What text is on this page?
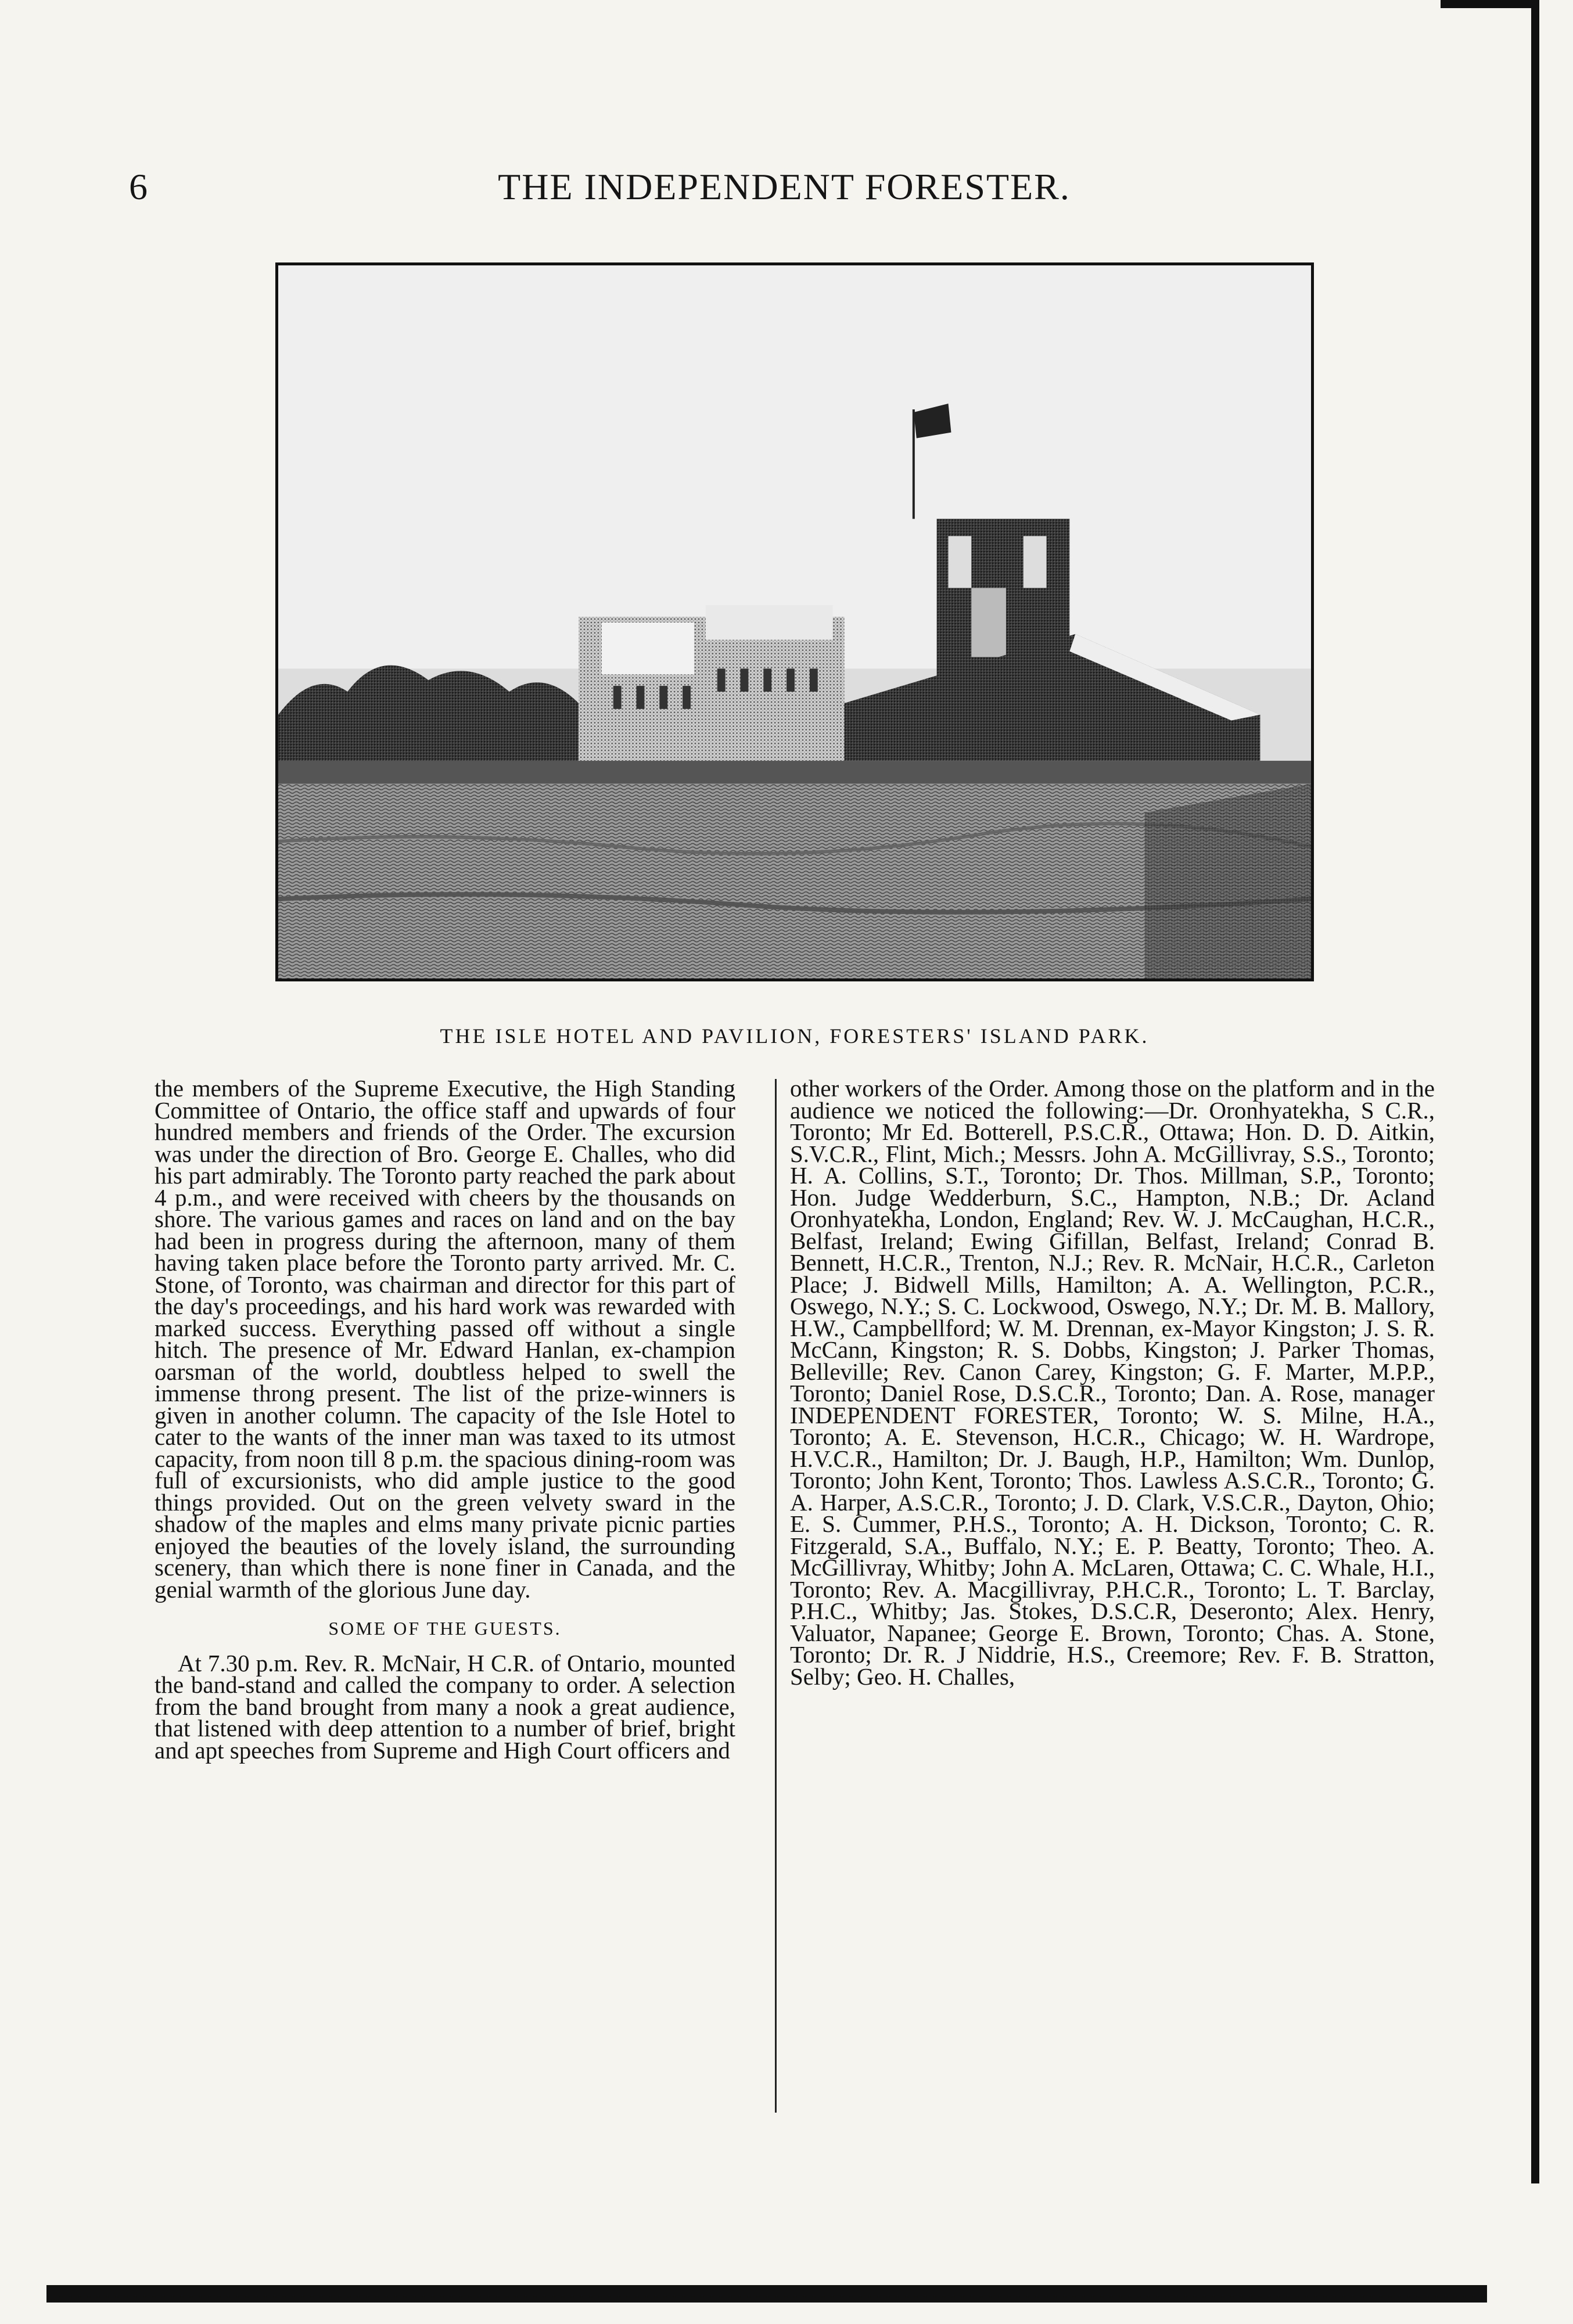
6	THE INDEPENDENT FORESTER.
THE ISLE HOTEL AND PAVILION, FORESTERS' ISLAND PARK.

the members of the Supreme Executive, the High Standing Committee of Ontario, the office staff and upwards of four hundred members and friends of the Order. The excursion was under the direction of Bro. George E. Challes, who did his part admirably. The Toronto party reached the park about 4 p.m., and were received with cheers by the thousands on shore. The various games and races on land and on the bay had been in progress during the afternoon, many of them having taken place before the Toronto party arrived. Mr. C. Stone, of Toronto, was chairman and director for this part of the day's proceedings, and his hard work was rewarded with marked success. Everything passed off without a single hitch. The presence of Mr. Edward Hanlan, ex-champion oarsman of the world, doubtless helped to swell the immense throng present. The list of the prize-winners is given in another column. The capacity of the Isle Hotel to cater to the wants of the inner man was taxed to its utmost capacity, from noon till 8 p.m. the spacious dining-room was full of excursionists, who did ample justice to the good things provided. Out on the green velvety sward in the shadow of the maples and elms many private picnic parties enjoyed the beauties of the lovely island, the surrounding scenery, than which there is none finer in Canada, and the genial warmth of the glorious June day.

SOME OF THE GUESTS.

At 7.30 p.m. Rev. R. McNair, H C.R. of Ontario, mounted the band-stand and called the company to order. A selection from the band brought from many a nook a great audience, that listened with deep attention to a number of brief, bright and apt speeches from Supreme and High Court officers and

other workers of the Order. Among those on the platform and in the audience we noticed the following:—Dr. Oronhyatekha, S C.R., Toronto; Mr Ed. Botterell, P.S.C.R., Ottawa; Hon. D. D. Aitkin, S.V.C.R., Flint, Mich.; Messrs. John A. McGillivray, S.S., Toronto; H. A. Collins, S.T., Toronto; Dr. Thos. Millman, S.P., Toronto; Hon. Judge Wedderburn, S.C., Hampton, N.B.; Dr. Acland Oronhyatekha, London, England; Rev. W. J. McCaughan, H.C.R., Belfast, Ireland; Ewing Gifillan, Belfast, Ireland; Conrad B. Bennett, H.C.R., Trenton, N.J.; Rev. R. McNair, H.C.R., Carleton Place; J. Bidwell Mills, Hamilton; A. A. Wellington, P.C.R., Oswego, N.Y.; S. C. Lockwood, Oswego, N.Y.; Dr. M. B. Mallory, H.W., Campbellford; W. M. Drennan, ex-Mayor Kingston; J. S. R. McCann, Kingston; R. S. Dobbs, Kingston; J. Parker Thomas, Belleville; Rev. Canon Carey, Kingston; G. F. Marter, M.P.P., Toronto; Daniel Rose, D.S.C.R., Toronto; Dan. A. Rose, manager INDEPENDENT FORESTER, Toronto; W. S. Milne, H.A., Toronto; A. E. Stevenson, H.C.R., Chicago; W. H. Wardrope, H.V.C.R., Hamilton; Dr. J. Baugh, H.P., Hamilton; Wm. Dunlop, Toronto; John Kent, Toronto; Thos. Lawless A.S.C.R., Toronto; G. A. Harper, A.S.C.R., Toronto; J. D. Clark, V.S.C.R., Dayton, Ohio; E. S. Cummer, P.H.S., Toronto; A. H. Dickson, Toronto; C. R. Fitzgerald, S.A., Buffalo, N.Y.; E. P. Beatty, Toronto; Theo. A. McGillivray, Whitby; John A. McLaren, Ottawa; C. C. Whale, H.I., Toronto; Rev. A. Macgillivray, P.H.C.R., Toronto; L. T. Barclay, P.H.C., Whitby; Jas. Stokes, D.S.C.R, Deseronto; Alex. Henry, Valuator, Napanee; George E. Brown, Toronto; Chas. A. Stone, Toronto; Dr. R. J Niddrie, H.S., Creemore; Rev. F. B. Stratton, Selby; Geo. H. Challes,
